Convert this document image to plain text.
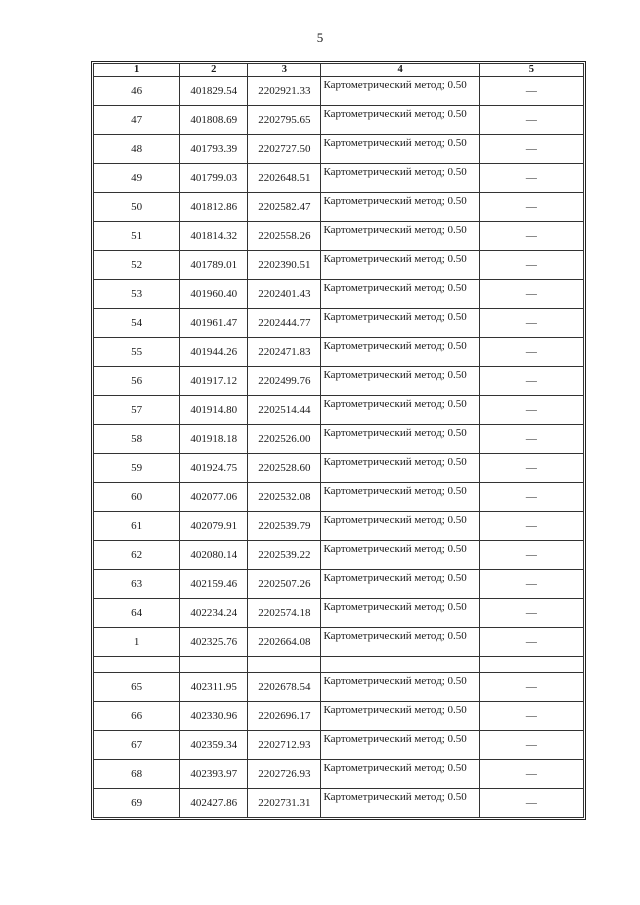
5
1	2	3	4	5
46	401829.54	2202921.33	Картометрический метод; 0.50	—
47	401808.69	2202795.65	Картометрический метод; 0.50	—
48	401793.39	2202727.50	Картометрический метод; 0.50	—
49	401799.03	2202648.51	Картометрический метод; 0.50	—
50	401812.86	2202582.47	Картометрический метод; 0.50	—
51	401814.32	2202558.26	Картометрический метод; 0.50	—
52	401789.01	2202390.51	Картометрический метод; 0.50	—
53	401960.40	2202401.43	Картометрический метод; 0.50	—
54	401961.47	2202444.77	Картометрический метод; 0.50	—
55	401944.26	2202471.83	Картометрический метод; 0.50	—
56	401917.12	2202499.76	Картометрический метод; 0.50	—
57	401914.80	2202514.44	Картометрический метод; 0.50	—
58	401918.18	2202526.00	Картометрический метод; 0.50	—
59	401924.75	2202528.60	Картометрический метод; 0.50	—
60	402077.06	2202532.08	Картометрический метод; 0.50	—
61	402079.91	2202539.79	Картометрический метод; 0.50	—
62	402080.14	2202539.22	Картометрический метод; 0.50	—
63	402159.46	2202507.26	Картометрический метод; 0.50	—
64	402234.24	2202574.18	Картометрический метод; 0.50	—
1	402325.76	2202664.08	Картометрический метод; 0.50	—

65	402311.95	2202678.54	Картометрический метод; 0.50	—
66	402330.96	2202696.17	Картометрический метод; 0.50	—
67	402359.34	2202712.93	Картометрический метод; 0.50	—
68	402393.97	2202726.93	Картометрический метод; 0.50	—
69	402427.86	2202731.31	Картометрический метод; 0.50	—
